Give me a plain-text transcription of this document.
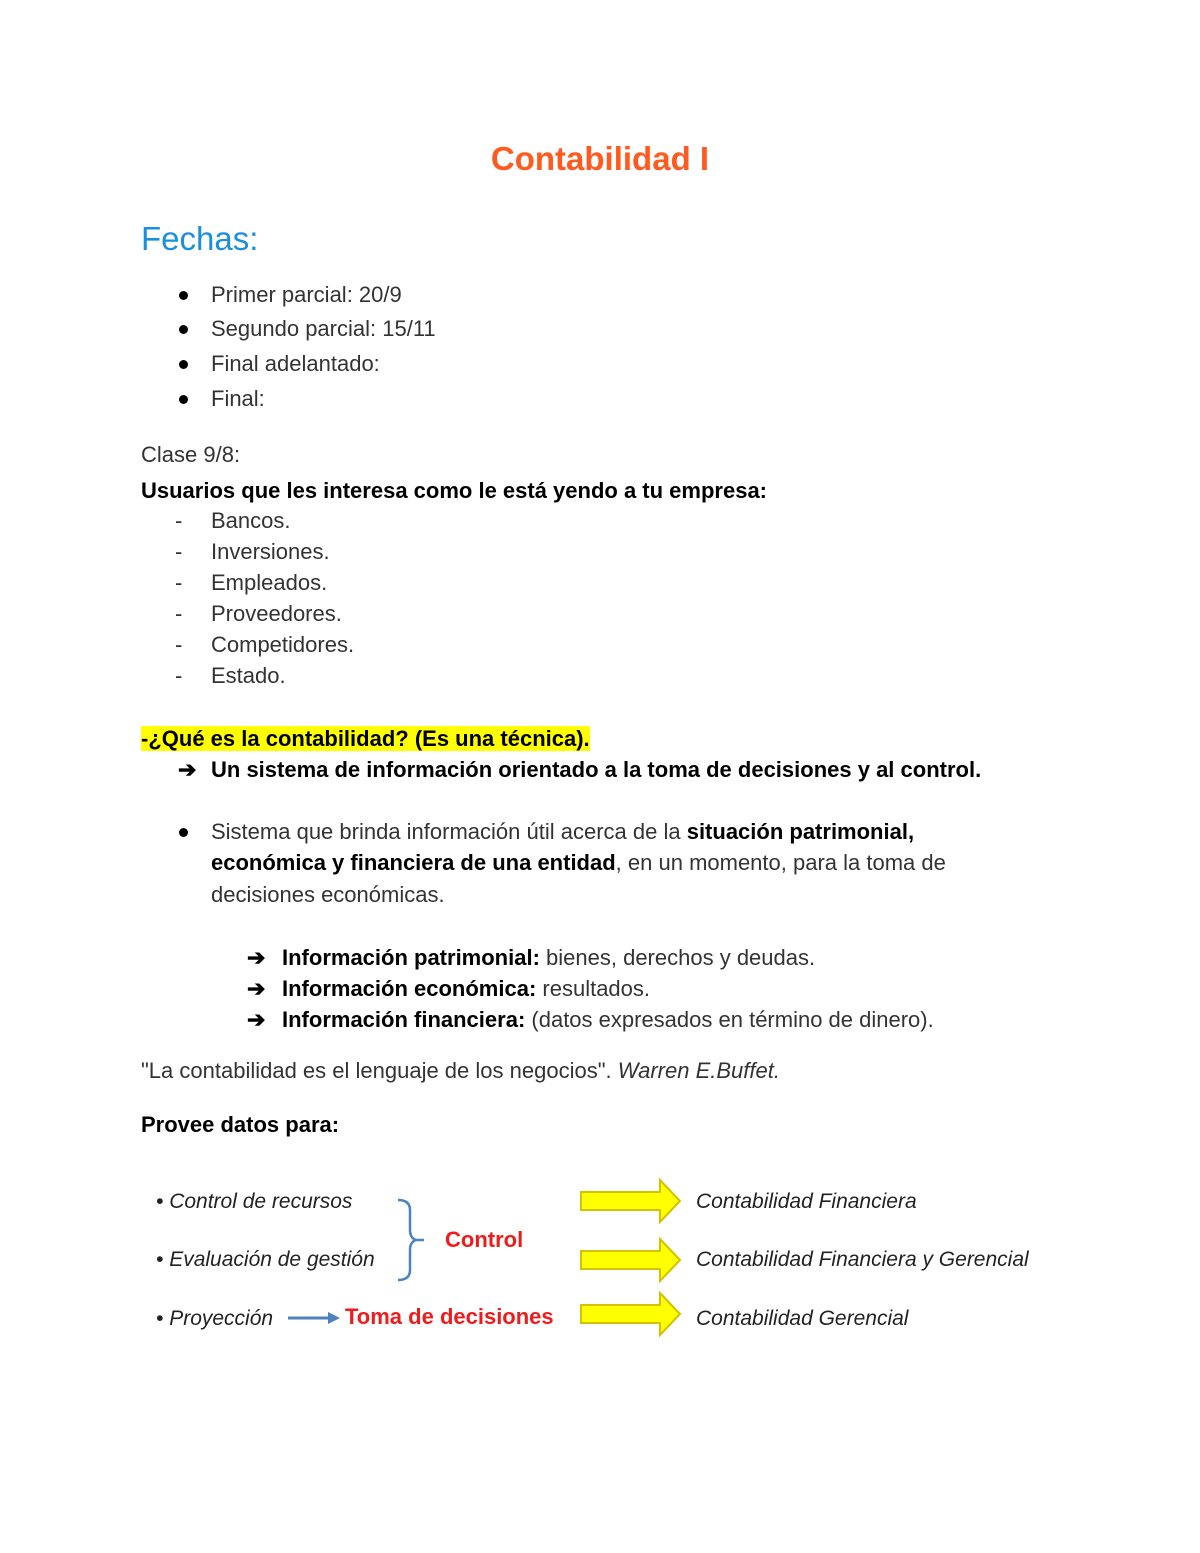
Contabilidad I
Fechas:
Primer parcial: 20/9
Segundo parcial: 15/11
Final adelantado:
Final:
Clase 9/8:
Usuarios que les interesa como le está yendo a tu empresa:
- Bancos.
- Inversiones.
- Empleados.
- Proveedores.
- Competidores.
- Estado.
-¿Qué es la contabilidad? (Es una técnica).
➔ Un sistema de información orientado a la toma de decisiones y al control.
Sistema que brinda información útil acerca de la situación patrimonial,
económica y financiera de una entidad, en un momento, para la toma de
decisiones económicas.
➔ Información patrimonial: bienes, derechos y deudas.
➔ Información económica: resultados.
➔ Información financiera: (datos expresados en término de dinero).
"La contabilidad es el lenguaje de los negocios". Warren E.Buffet.
Provee datos para:
• Control de recursos
• Evaluación de gestión
• Proyección
Control
Toma de decisiones
Contabilidad Financiera
Contabilidad Financiera y Gerencial
Contabilidad Gerencial
